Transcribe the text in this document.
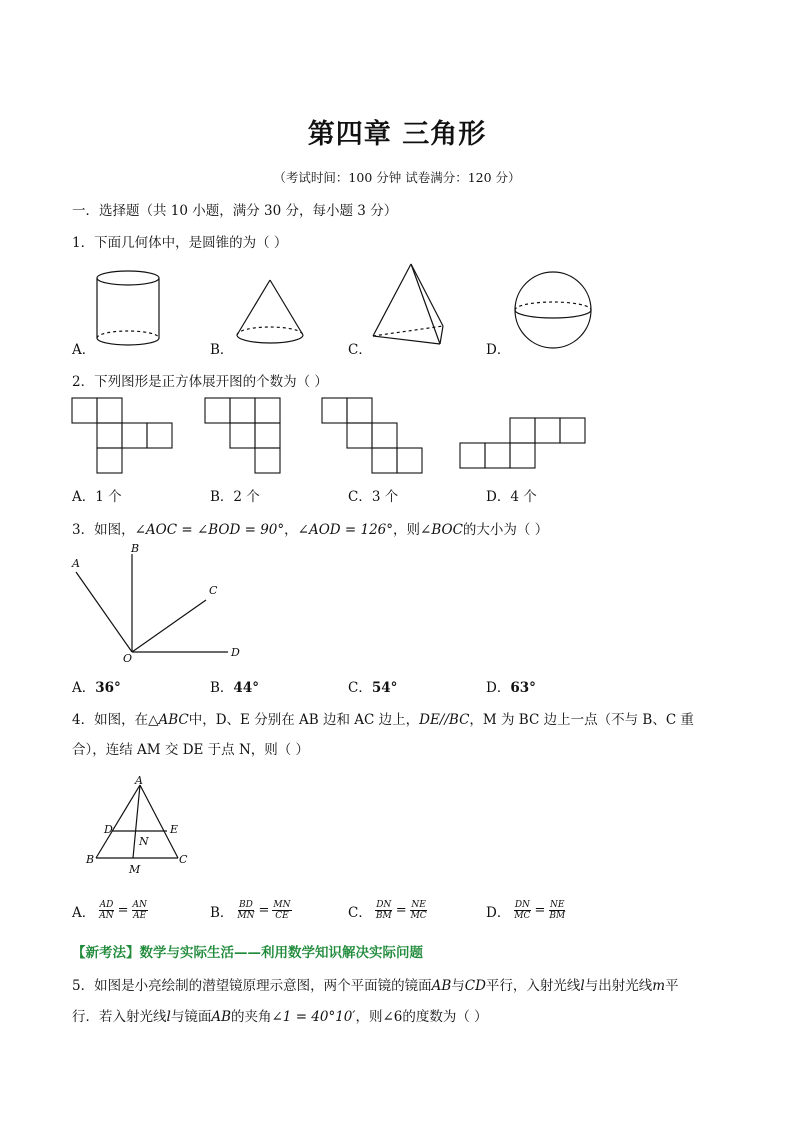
第四章 三角形
（考试时间：100 分钟 试卷满分：120 分）
一．选择题（共 10 小题，满分 30 分，每小题 3 分）
1．下面几何体中，是圆锥的为（ ）
A．	B．	C．	D．
2．下列图形是正方体展开图的个数为（ ）
A．1 个	B．2 个	C．3 个	D．4 个
3．如图，∠AOC = ∠BOD = 90°，∠AOD = 126°，则∠BOC的大小为（ ）
A
B
C
D
O
A．36°	B．44°	C．54°	D．63°
4．如图，在△ABC中，D、E 分别在 AB 边和 AC 边上，DE//BC，M 为 BC 边上一点（不与 B、C 重
合），连结 AM 交 DE 于点 N，则（ ）
A
B	C
D	E
N
M
A． $\frac{AD}{AN} = \frac{AN}{AE}$	B． $\frac{BD}{MN} = \frac{MN}{CE}$	C． $\frac{DN}{BM} = \frac{NE}{MC}$	D． $\frac{DN}{MC} = \frac{NE}{BM}$
【新考法】数学与实际生活——利用数学知识解决实际问题
5．如图是小亮绘制的潜望镜原理示意图，两个平面镜的镜面AB与CD平行，入射光线l与出射光线m平
行．若入射光线l与镜面AB的夹角∠1 = 40°10′，则∠6的度数为（ ）
